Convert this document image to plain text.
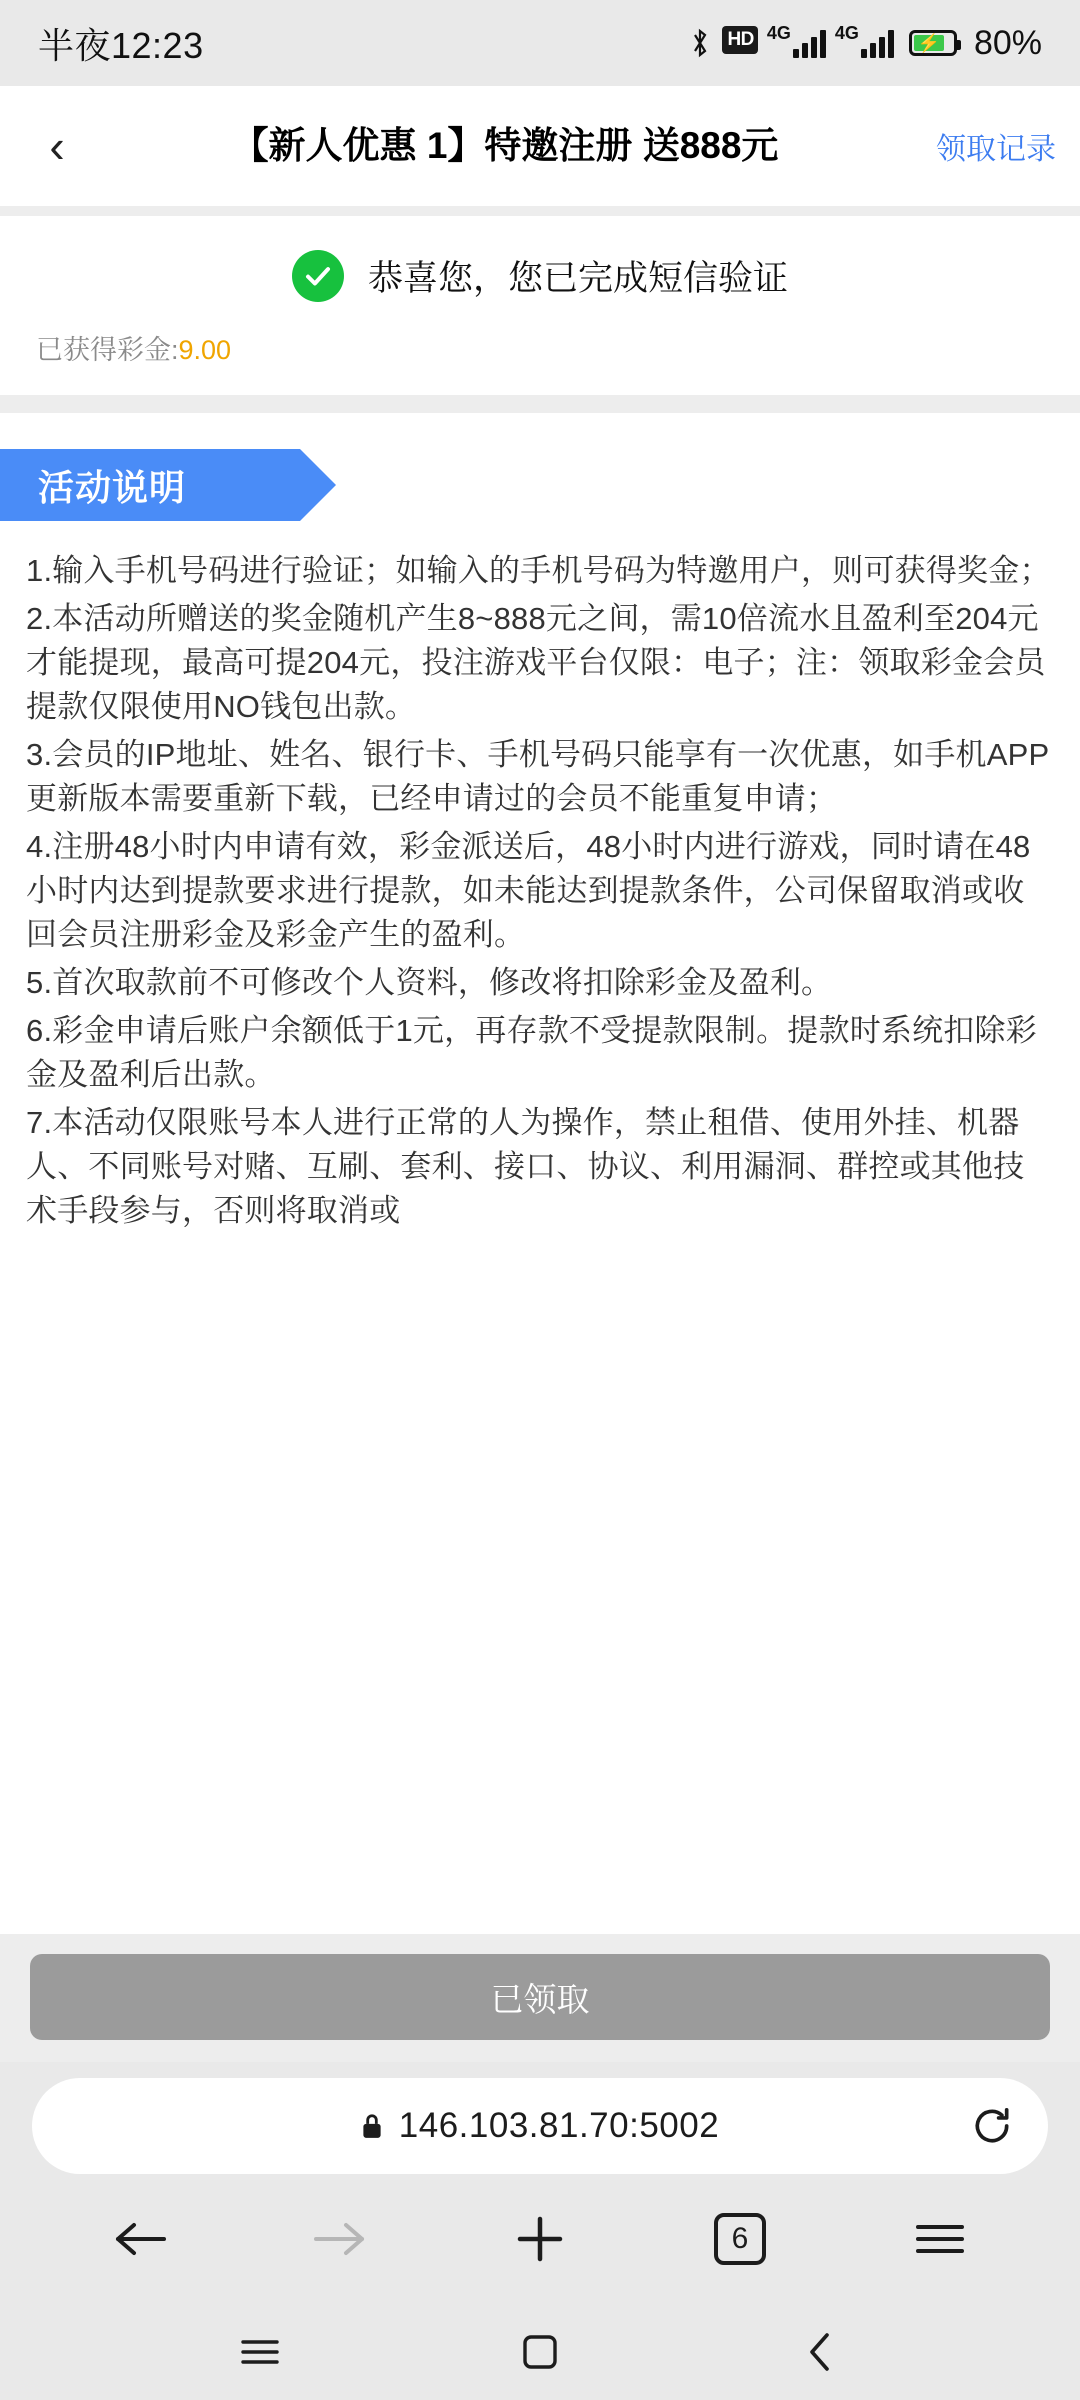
半夜12:23	HD 4G 4G	⚡ 80%
‹	【新人优惠 1】特邀注册 送888元	领取记录
恭喜您，您已完成短信验证
已获得彩金:9.00
活动说明

1.输入手机号码进行验证；如输入的手机号码为特邀用户，则可获得奖金；

2.本活动所赠送的奖金随机产生8~888元之间，需10倍流水且盈利至204元才能提现，最高可提204元，投注游戏平台仅限：电子；注：领取彩金会员提款仅限使用NO钱包出款。

3.会员的IP地址、姓名、银行卡、手机号码只能享有一次优惠，如手机APP更新版本需要重新下载，已经申请过的会员不能重复申请；

4.注册48小时内申请有效，彩金派送后，48小时内进行游戏，同时请在48小时内达到提款要求进行提款，如未能达到提款条件，公司保留取消或收回会员注册彩金及彩金产生的盈利。

5.首次取款前不可修改个人资料，修改将扣除彩金及盈利。

6.彩金申请后账户余额低于1元，再存款不受提款限制。提款时系统扣除彩金及盈利后出款。

7.本活动仅限账号本人进行正常的人为操作，禁止租借、使用外挂、机器人、不同账号对赌、互刷、套利、接口、协议、利用漏洞、群控或其他技术手段参与，否则将取消或

已领取
146.103.81.70:5002
6
